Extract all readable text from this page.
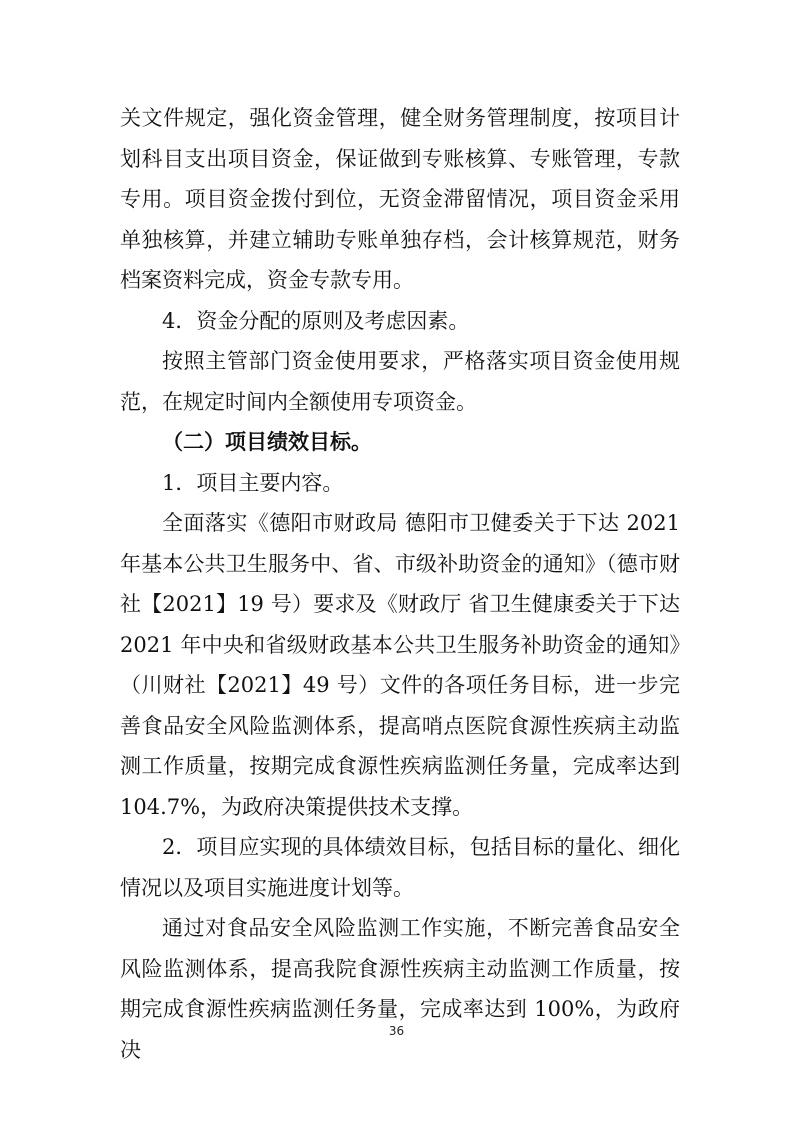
关文件规定，强化资金管理，健全财务管理制度，按项目计划科目支出项目资金，保证做到专账核算、专账管理，专款专用。项目资金拨付到位，无资金滞留情况，项目资金采用单独核算，并建立辅助专账单独存档，会计核算规范，财务档案资料完成，资金专款专用。

4．资金分配的原则及考虑因素。

按照主管部门资金使用要求，严格落实项目资金使用规范，在规定时间内全额使用专项资金。

（二）项目绩效目标。

1．项目主要内容。

全面落实《德阳市财政局 德阳市卫健委关于下达 2021 年基本公共卫生服务中、省、市级补助资金的通知》（德市财社【2021】19 号）要求及《财政厅 省卫生健康委关于下达 2021 年中央和省级财政基本公共卫生服务补助资金的通知》（川财社【2021】49 号）文件的各项任务目标，进一步完善食品安全风险监测体系，提高哨点医院食源性疾病主动监测工作质量，按期完成食源性疾病监测任务量，完成率达到 104.7%，为政府决策提供技术支撑。

2．项目应实现的具体绩效目标，包括目标的量化、细化情况以及项目实施进度计划等。

通过对食品安全风险监测工作实施，不断完善食品安全风险监测体系，提高我院食源性疾病主动监测工作质量，按期完成食源性疾病监测任务量，完成率达到 100%，为政府决

36
